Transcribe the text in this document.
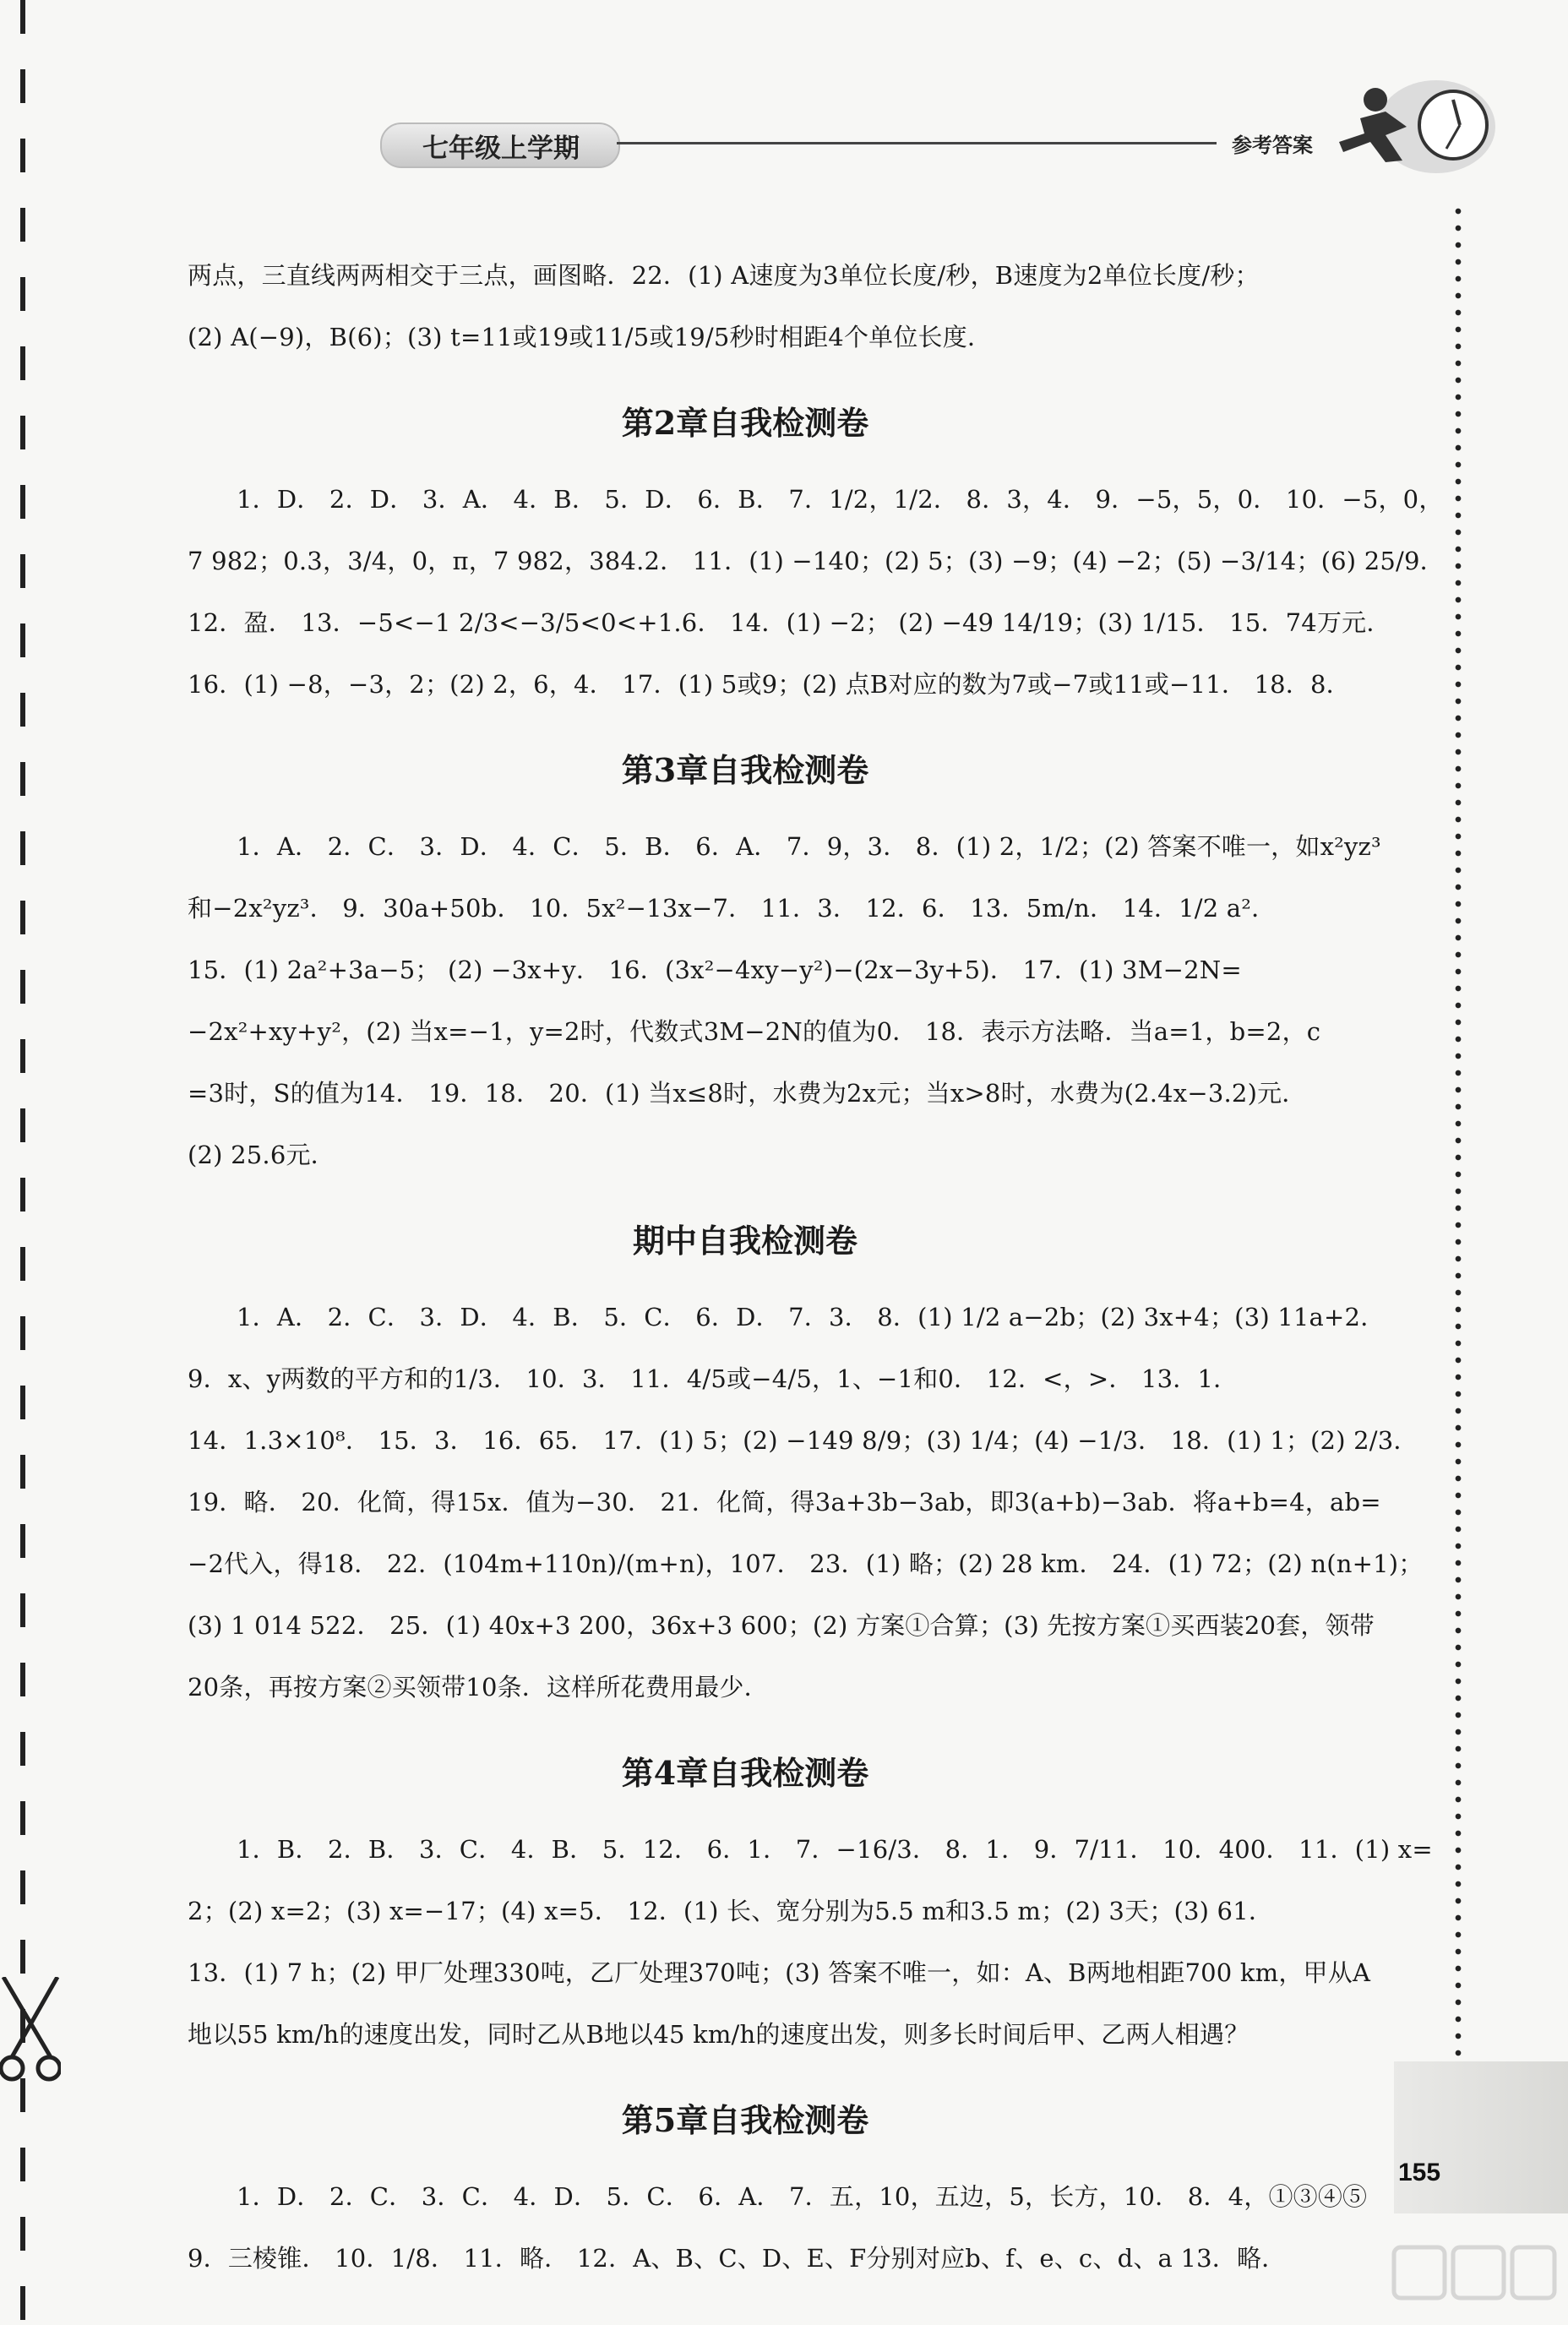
七年级上学期	参考答案
155
两点，三直线两两相交于三点，画图略．22．(1) A速度为3单位长度/秒，B速度为2单位长度/秒；
(2) A(−9)，B(6)；(3) t=11或19或11/5或19/5秒时相距4个单位长度．
第2章自我检测卷
1．D． 2．D． 3．A． 4．B． 5．D． 6．B． 7．1/2，1/2． 8．3，4． 9．−5，5，0． 10．−5，0，
7 982；0.3，3/4，0，π，7 982，384.2． 11．(1) −140；(2) 5；(3) −9；(4) −2；(5) −3/14；(6) 25/9．
12．盈． 13．−5<−1 2/3<−3/5<0<+1.6． 14．(1) −2； (2) −49 14/19；(3) 1/15． 15．74万元．
16．(1) −8，−3，2；(2) 2，6，4． 17．(1) 5或9；(2) 点B对应的数为7或−7或11或−11． 18．8．
第3章自我检测卷
1．A． 2．C． 3．D． 4．C． 5．B． 6．A． 7．9，3． 8．(1) 2，1/2；(2) 答案不唯一，如x²yz³
和−2x²yz³． 9．30a+50b． 10．5x²−13x−7． 11．3． 12．6． 13．5m/n． 14．1/2 a²．
15．(1) 2a²+3a−5； (2) −3x+y． 16．(3x²−4xy−y²)−(2x−3y+5)． 17．(1) 3M−2N=
−2x²+xy+y²，(2) 当x=−1，y=2时，代数式3M−2N的值为0． 18．表示方法略．当a=1，b=2，c
=3时，S的值为14． 19．18． 20．(1) 当x≤8时，水费为2x元；当x>8时，水费为(2.4x−3.2)元．
(2) 25.6元．
期中自我检测卷
1．A． 2．C． 3．D． 4．B． 5．C． 6．D． 7．3． 8．(1) 1/2 a−2b；(2) 3x+4；(3) 11a+2．
9．x、y两数的平方和的1/3． 10．3． 11．4/5或−4/5，1、−1和0． 12．<，>． 13．1．
14．1.3×10⁸． 15．3． 16．65． 17．(1) 5；(2) −149 8/9；(3) 1/4；(4) −1/3． 18．(1) 1；(2) 2/3．
19．略． 20．化简，得15x．值为−30． 21．化简，得3a+3b−3ab，即3(a+b)−3ab．将a+b=4，ab=
−2代入，得18． 22．(104m+110n)/(m+n)，107． 23．(1) 略；(2) 28 km． 24．(1) 72；(2) n(n+1)；
(3) 1 014 522． 25．(1) 40x+3 200，36x+3 600；(2) 方案①合算；(3) 先按方案①买西装20套，领带
20条，再按方案②买领带10条．这样所花费用最少．
第4章自我检测卷
1．B． 2．B． 3．C． 4．B． 5．12． 6．1． 7．−16/3． 8．1． 9．7/11． 10．400． 11．(1) x=
2；(2) x=2；(3) x=−17；(4) x=5． 12．(1) 长、宽分别为5.5 m和3.5 m；(2) 3天；(3) 61．
13．(1) 7 h；(2) 甲厂处理330吨，乙厂处理370吨；(3) 答案不唯一，如：A、B两地相距700 km，甲从A
地以55 km/h的速度出发，同时乙从B地以45 km/h的速度出发，则多长时间后甲、乙两人相遇？
第5章自我检测卷
1．D． 2．C． 3．C． 4．D． 5．C． 6．A． 7．五，10，五边，5，长方，10． 8．4，①③④⑤
9．三棱锥． 10．1/8． 11．略． 12．A、B、C、D、E、F分别对应b、f、e、c、d、a 13．略．
